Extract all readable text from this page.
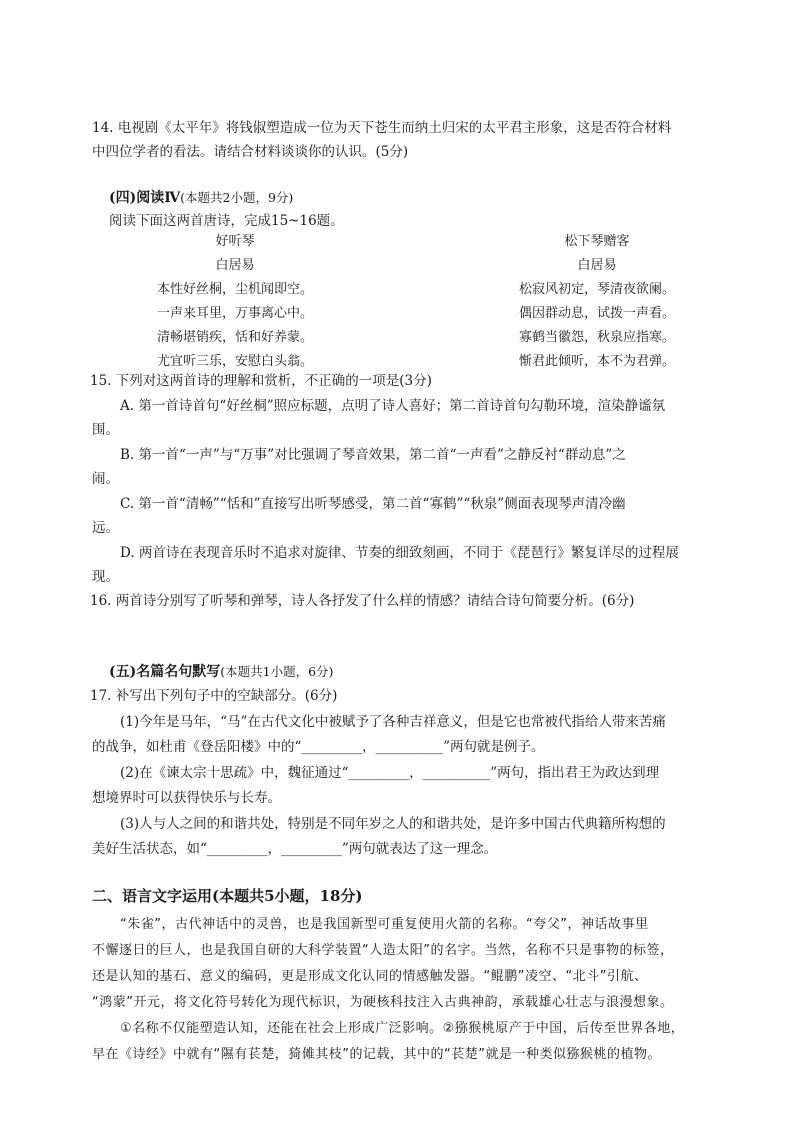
14. 电视剧《太平年》将钱俶塑造成一位为天下苍生而纳土归宋的太平君主形象，这是否符合材料
中四位学者的看法。请结合材料谈谈你的认识。(5分)
(四)阅读Ⅳ(本题共2小题，9分)
阅读下面这两首唐诗，完成15~16题。
好听琴
白居易
本性好丝桐，尘机闻即空。
一声来耳里，万事离心中。
清畅堪销疾，恬和好养蒙。
尤宜听三乐，安慰白头翁。
松下琴赠客
白居易
松寂风初定，琴清夜欲阑。
偶因群动息，试拨一声看。
寡鹤当徽怨，秋泉应指寒。
惭君此倾听，本不为君弹。
15. 下列对这两首诗的理解和赏析，不正确的一项是(3分)
A. 第一首诗首句“好丝桐”照应标题，点明了诗人喜好；第二首诗首句勾勒环境，渲染静谧氛
围。
B. 第一首“一声”与“万事”对比强调了琴音效果，第二首“一声看”之静反衬“群动息”之
闹。
C. 第一首“清畅”“恬和”直接写出听琴感受，第二首“寡鹤”“秋泉”侧面表现琴声清冷幽
远。
D. 两首诗在表现音乐时不追求对旋律、节奏的细致刻画，不同于《琵琶行》繁复详尽的过程展
现。
16. 两首诗分别写了听琴和弹琴，诗人各抒发了什么样的情感？请结合诗句简要分析。(6分)
(五)名篇名句默写(本题共1小题，6分)
17. 补写出下列句子中的空缺部分。(6分)
(1)今年是马年，“马”在古代文化中被赋予了各种吉祥意义，但是它也常被代指给人带来苦痛
的战争，如杜甫《登岳阳楼》中的“_________，__________”两句就是例子。
(2)在《谏太宗十思疏》中，魏征通过“_________，__________”两句，指出君王为政达到理
想境界时可以获得快乐与长寿。
(3)人与人之间的和谐共处，特别是不同年岁之人的和谐共处，是许多中国古代典籍所构想的
美好生活状态，如“_________，_________”两句就表达了这一理念。
二、语言文字运用(本题共5小题，18分)
“朱雀”，古代神话中的灵兽，也是我国新型可重复使用火箭的名称。“夸父”，神话故事里
不懈逐日的巨人，也是我国自研的大科学装置“人造太阳”的名字。当然，名称不只是事物的标签，
还是认知的基石、意义的编码，更是形成文化认同的情感触发器。“鲲鹏”凌空、“北斗”引航、
“鸿蒙”开元，将文化符号转化为现代标识，为硬核科技注入古典神韵，承载雄心壮志与浪漫想象。
①名称不仅能塑造认知，还能在社会上形成广泛影响。②猕猴桃原产于中国，后传至世界各地，
早在《诗经》中就有“隰有苌楚，猗傩其枝”的记载，其中的“苌楚”就是一种类似猕猴桃的植物。
